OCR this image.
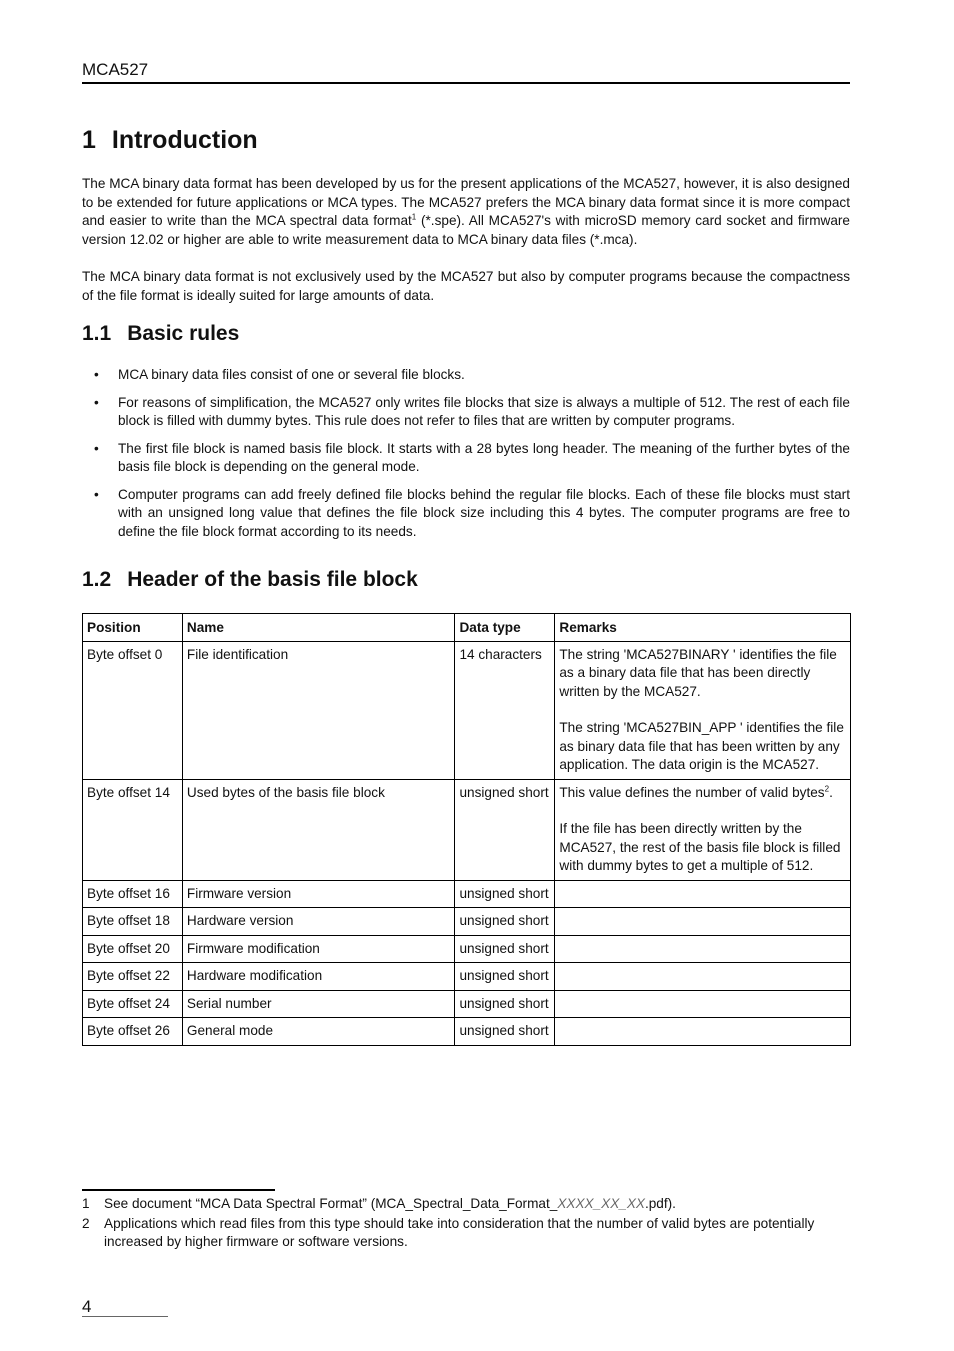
MCA527
1 Introduction

The MCA binary data format has been developed by us for the present applications of the MCA527, however, it is also designed to be extended for future applications or MCA types. The MCA527 prefers the MCA binary data format since it is more compact and easier to write than the MCA spectral data format$^1$ (*.spe). All MCA527's with microSD memory card socket and firmware version 12.02 or higher are able to write measurement data to MCA binary data files (*.mca).

The MCA binary data format is not exclusively used by the MCA527 but also by computer programs because the compactness of the file format is ideally suited for large amounts of data.

1.1 Basic rules
• MCA binary data files consist of one or several file blocks.
• For reasons of simplification, the MCA527 only writes file blocks that size is always a multiple of 512. The rest of each file block is filled with dummy bytes. This rule does not refer to files that are written by computer programs.
• The first file block is named basis file block. It starts with a 28 bytes long header. The meaning of the further bytes of the basis file block is depending on the general mode.
• Computer programs can add freely defined file blocks behind the regular file blocks. Each of these file blocks must start with an unsigned long value that defines the file block size including this 4 bytes. The computer programs are free to define the file block format according to its needs.
1.2 Header of the basis file block
Position	Name	Data type	Remarks
Byte offset 0	File identification	14 characters	The string 'MCA527BINARY ' identifies the file as a binary data file that has been directly written by the MCA527.

The string 'MCA527BIN_APP ' identifies the file as binary data file that has been written by any application. The data origin is the MCA527.

Byte offset 14	Used bytes of the basis file block	unsigned short	This value defines the number of valid bytes$^2$.

If the file has been directly written by the MCA527, the rest of the basis file block is filled with dummy bytes to get a multiple of 512.

Byte offset 16	Firmware version	unsigned short	
Byte offset 18	Hardware version	unsigned short	
Byte offset 20	Firmware modification	unsigned short	
Byte offset 22	Hardware modification	unsigned short	
Byte offset 24	Serial number	unsigned short	
Byte offset 26	General mode	unsigned short	
1 See document “MCA Data Spectral Format” (MCA_Spectral_Data_Format_XXXX_XX_XX.pdf).
2 Applications which read files from this type should take into consideration that the number of valid bytes are potentially increased by higher firmware or software versions.
4
